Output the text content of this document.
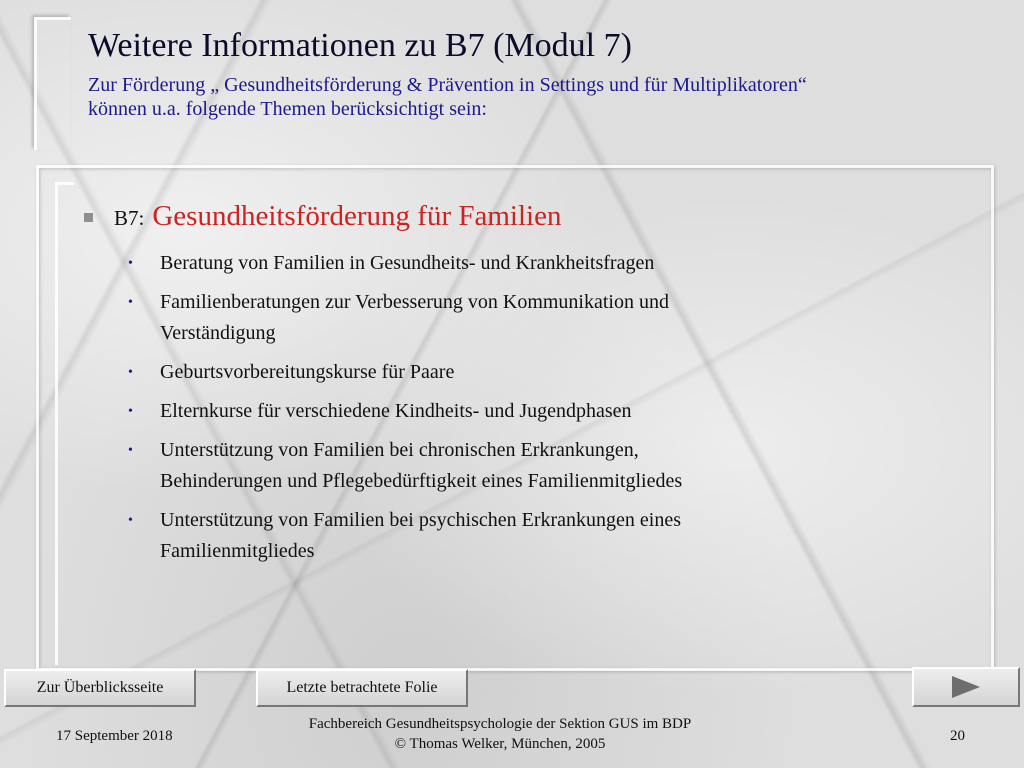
Weitere Informationen zu B7 (Modul 7)

Zur Förderung „ Gesundheitsförderung & Prävention in Settings und für Multiplikatoren“
können u.a. folgende Themen berücksichtigt sein:

B7: Gesundheitsförderung für Familien
• Beratung von Familien in Gesundheits- und Krankheitsfragen
• Familienberatungen zur Verbesserung von Kommunikation und
Verständigung
• Geburtsvorbereitungskurse für Paare
• Elternkurse für verschiedene Kindheits- und Jugendphasen
• Unterstützung von Familien bei chronischen Erkrankungen,
Behinderungen und Pflegebedürftigkeit eines Familienmitgliedes
• Unterstützung von Familien bei psychischen Erkrankungen eines
Familienmitgliedes
Zur Überblicksseite	Letzte betrachtete Folie
17 September 2018
Fachbereich Gesundheitspsychologie der Sektion GUS im BDP
© Thomas Welker, München, 2005	20
